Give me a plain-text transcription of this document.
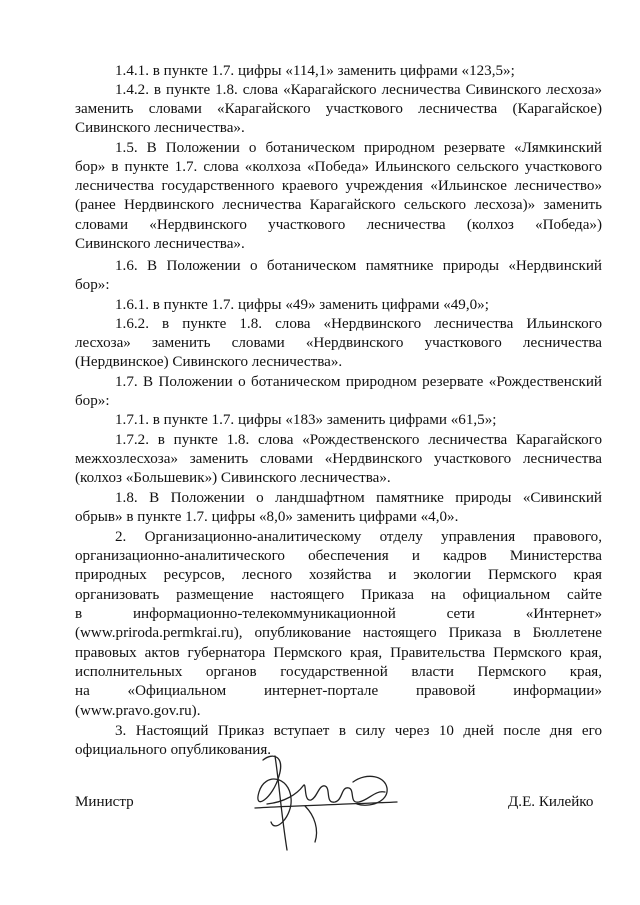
1.4.1. в пункте 1.7. цифры «114,1» заменить цифрами «123,5»;
1.4.2. в пункте 1.8. слова «Карагайского лесничества Сивинского лесхоза»
заменить словами «Карагайского участкового лесничества (Карагайское)
Сивинского лесничества».
1.5. В Положении о ботаническом природном резервате «Лямкинский
бор» в пункте 1.7. слова «колхоза «Победа» Ильинского сельского участкового
лесничества государственного краевого учреждения «Ильинское лесничество»
(ранее Нердвинского лесничества Карагайского сельского лесхоза)» заменить
словами «Нердвинского участкового лесничества (колхоз «Победа»)
Сивинского лесничества».
1.6. В Положении о ботаническом памятнике природы «Нердвинский
бор»:
1.6.1. в пункте 1.7. цифры «49» заменить цифрами «49,0»;
1.6.2. в пункте 1.8. слова «Нердвинского лесничества Ильинского
лесхоза» заменить словами «Нердвинского участкового лесничества
(Нердвинское) Сивинского лесничества».
1.7. В Положении о ботаническом природном резервате «Рождественский
бор»:
1.7.1. в пункте 1.7. цифры «183» заменить цифрами «61,5»;
1.7.2. в пункте 1.8. слова «Рождественского лесничества Карагайского
межхозлесхоза» заменить словами «Нердвинского участкового лесничества
(колхоз «Большевик») Сивинского лесничества».
1.8. В Положении о ландшафтном памятнике природы «Сивинский
обрыв» в пункте 1.7. цифры «8,0» заменить цифрами «4,0».
2. Организационно-аналитическому отделу управления правового,
организационно-аналитического обеспечения и кадров Министерства
природных ресурсов, лесного хозяйства и экологии Пермского края
организовать размещение настоящего Приказа на официальном сайте
в информационно-телекоммуникационной сети «Интернет»
(www.priroda.permkrai.ru), опубликование настоящего Приказа в Бюллетене
правовых актов губернатора Пермского края, Правительства Пермского края,
исполнительных органов государственной власти Пермского края,
на «Официальном интернет-портале правовой информации»
(www.pravo.gov.ru).
3. Настоящий Приказ вступает в силу через 10 дней после дня его
официального опубликования.
Министр	Д.Е. Килейко
